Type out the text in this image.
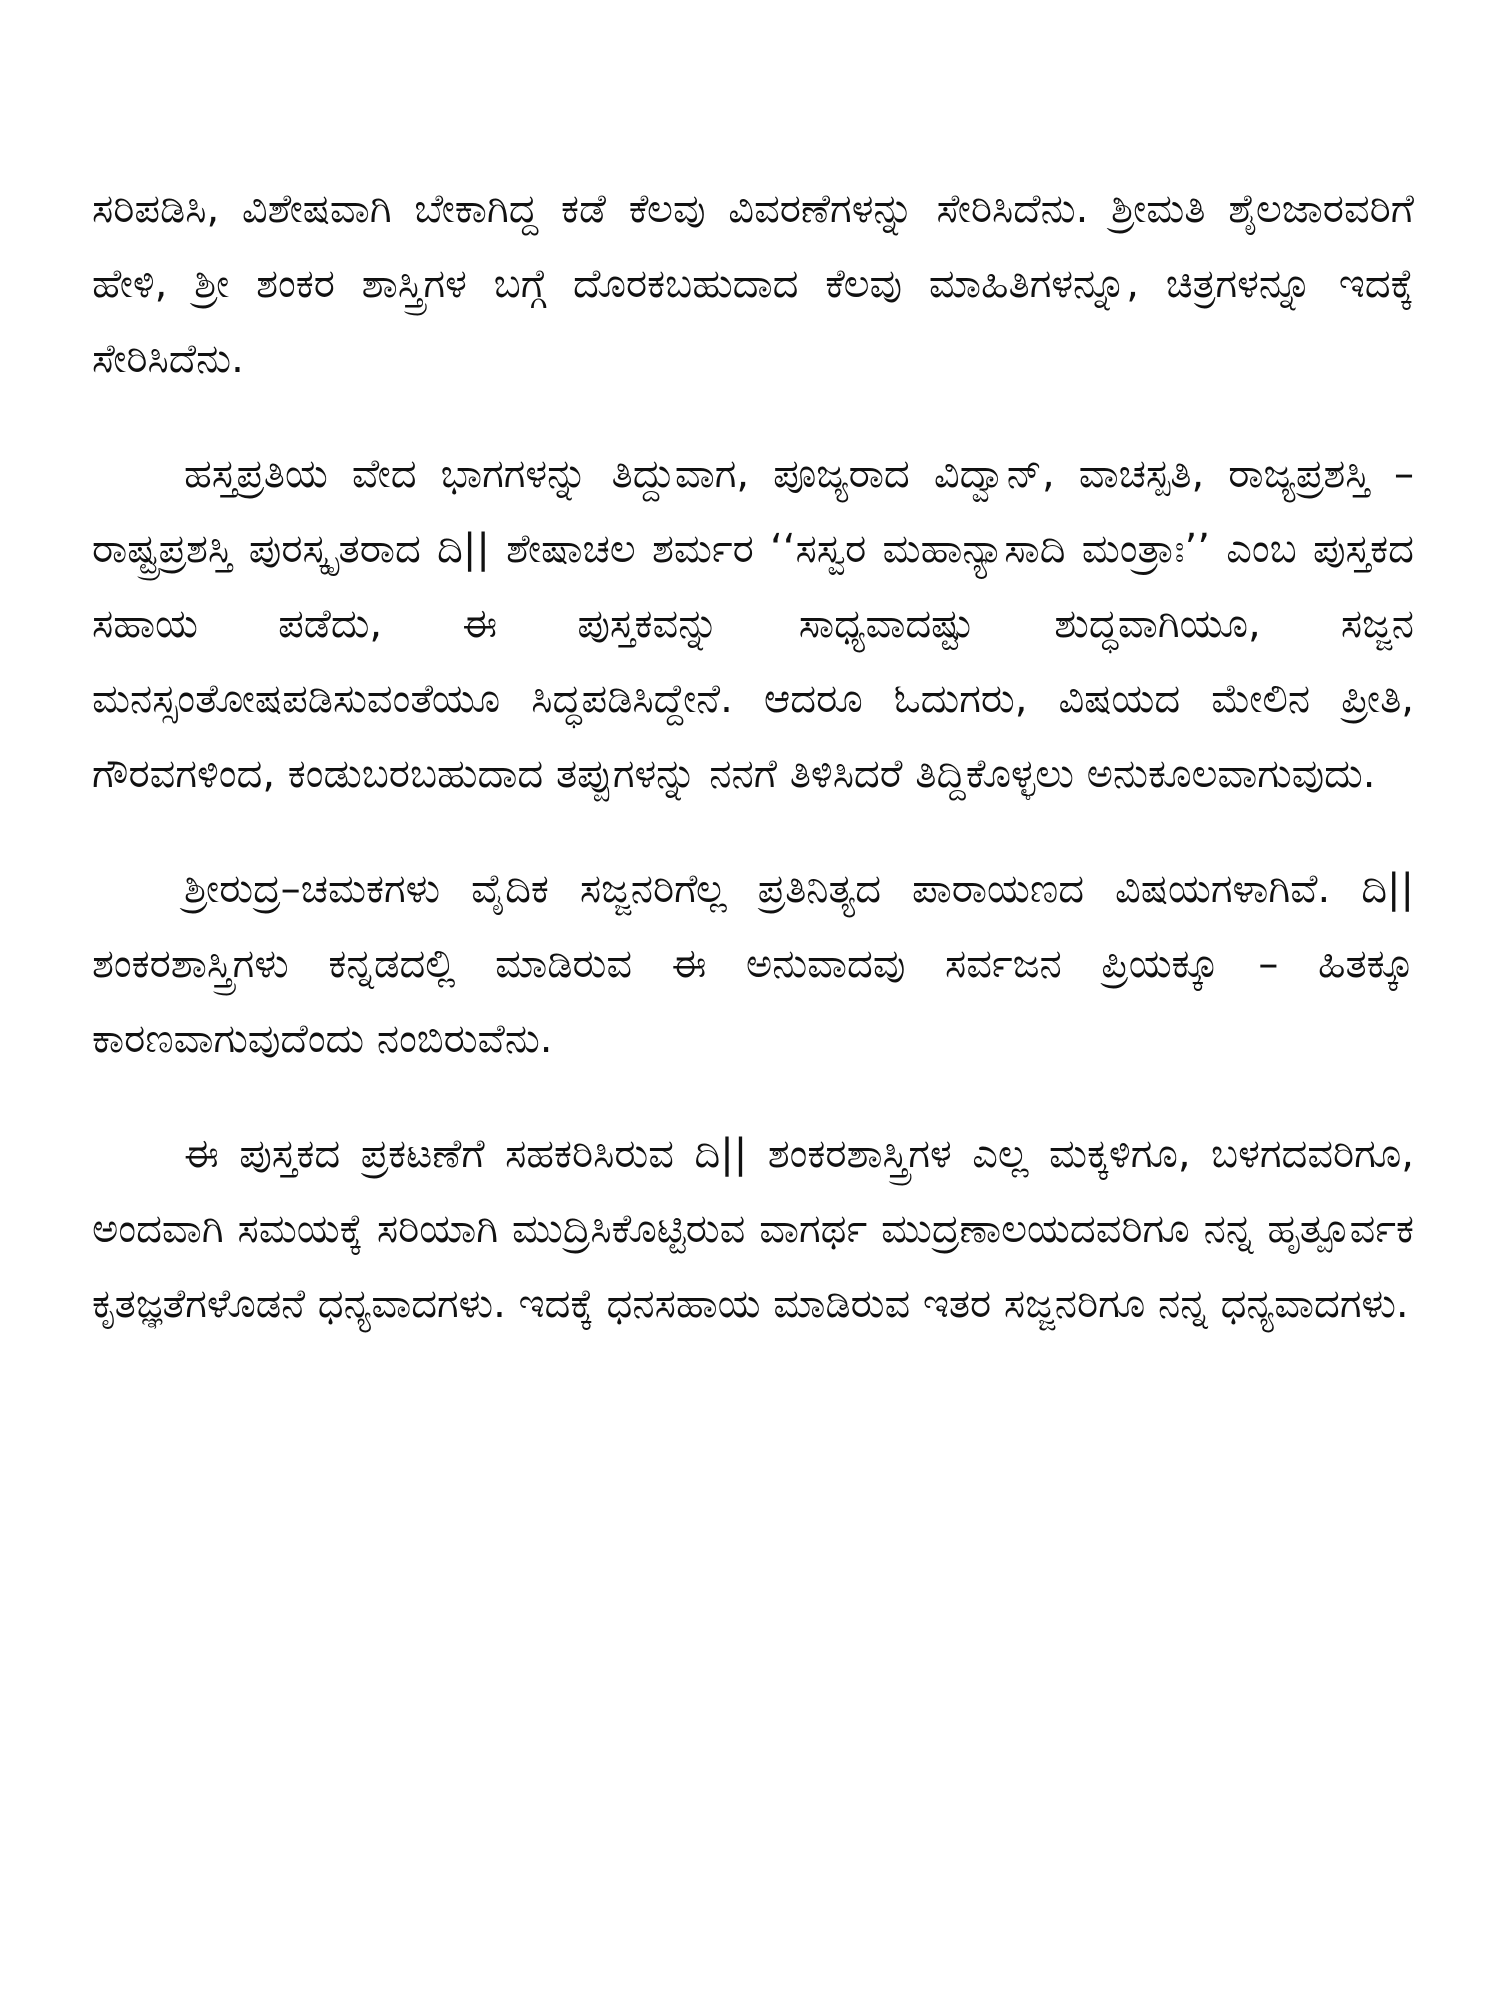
ಸರಿಪಡಿಸಿ, ವಿಶೇಷವಾಗಿ ಬೇಕಾಗಿದ್ದ ಕಡೆ ಕೆಲವು ವಿವರಣೆಗಳನ್ನು ಸೇರಿಸಿದೆನು. ಶ್ರೀಮತಿ ಶೈಲಜಾರವರಿಗೆ ಹೇಳಿ, ಶ್ರೀ ಶಂಕರ ಶಾಸ್ತ್ರಿಗಳ ಬಗ್ಗೆ ದೊರಕಬಹುದಾದ ಕೆಲವು ಮಾಹಿತಿಗಳನ್ನೂ, ಚಿತ್ರಗಳನ್ನೂ ಇದಕ್ಕೆ ಸೇರಿಸಿದೆನು.

ಹಸ್ತಪ್ರತಿಯ ವೇದ ಭಾಗಗಳನ್ನು ತಿದ್ದುವಾಗ, ಪೂಜ್ಯರಾದ ವಿದ್ವಾನ್, ವಾಚಸ್ಪತಿ, ರಾಜ್ಯಪ್ರಶಸ್ತಿ – ರಾಷ್ಟ್ರಪ್ರಶಸ್ತಿ ಪುರಸ್ಕೃತರಾದ ದಿ|| ಶೇಷಾಚಲ ಶರ್ಮರ ‘‘ಸಸ್ವರ ಮಹಾನ್ಯಾಸಾದಿ ಮಂತ್ರಾಃ’’ ಎಂಬ ಪುಸ್ತಕದ ಸಹಾಯ ಪಡೆದು, ಈ ಪುಸ್ತಕವನ್ನು ಸಾಧ್ಯವಾದಷ್ಟು ಶುದ್ಧವಾಗಿಯೂ, ಸಜ್ಜನ ಮನಸ್ಸಂತೋಷಪಡಿಸುವಂತೆಯೂ ಸಿದ್ಧಪಡಿಸಿದ್ದೇನೆ. ಆದರೂ ಓದುಗರು, ವಿಷಯದ ಮೇಲಿನ ಪ್ರೀತಿ, ಗೌರವಗಳಿಂದ, ಕಂಡುಬರಬಹುದಾದ ತಪ್ಪುಗಳನ್ನು ನನಗೆ ತಿಳಿಸಿದರೆ ತಿದ್ದಿಕೊಳ್ಳಲು ಅನುಕೂಲವಾಗುವುದು.

ಶ್ರೀರುದ್ರ–ಚಮಕಗಳು ವೈದಿಕ ಸಜ್ಜನರಿಗೆಲ್ಲ ಪ್ರತಿನಿತ್ಯದ ಪಾರಾಯಣದ ವಿಷಯಗಳಾಗಿವೆ. ದಿ|| ಶಂಕರಶಾಸ್ತ್ರಿಗಳು ಕನ್ನಡದಲ್ಲಿ ಮಾಡಿರುವ ಈ ಅನುವಾದವು ಸರ್ವಜನ ಪ್ರಿಯಕ್ಕೂ – ಹಿತಕ್ಕೂ ಕಾರಣವಾಗುವುದೆಂದು ನಂಬಿರುವೆನು.

ಈ ಪುಸ್ತಕದ ಪ್ರಕಟಣೆಗೆ ಸಹಕರಿಸಿರುವ ದಿ|| ಶಂಕರಶಾಸ್ತ್ರಿಗಳ ಎಲ್ಲ ಮಕ್ಕಳಿಗೂ, ಬಳಗದವರಿಗೂ, ಅಂದವಾಗಿ ಸಮಯಕ್ಕೆ ಸರಿಯಾಗಿ ಮುದ್ರಿಸಿಕೊಟ್ಟಿರುವ ವಾಗರ್ಥ ಮುದ್ರಣಾಲಯದವರಿಗೂ ನನ್ನ ಹೃತ್ಪೂರ್ವಕ ಕೃತಜ್ಞತೆಗಳೊಡನೆ ಧನ್ಯವಾದಗಳು. ಇದಕ್ಕೆ ಧನಸಹಾಯ ಮಾಡಿರುವ ಇತರ ಸಜ್ಜನರಿಗೂ ನನ್ನ ಧನ್ಯವಾದಗಳು.
